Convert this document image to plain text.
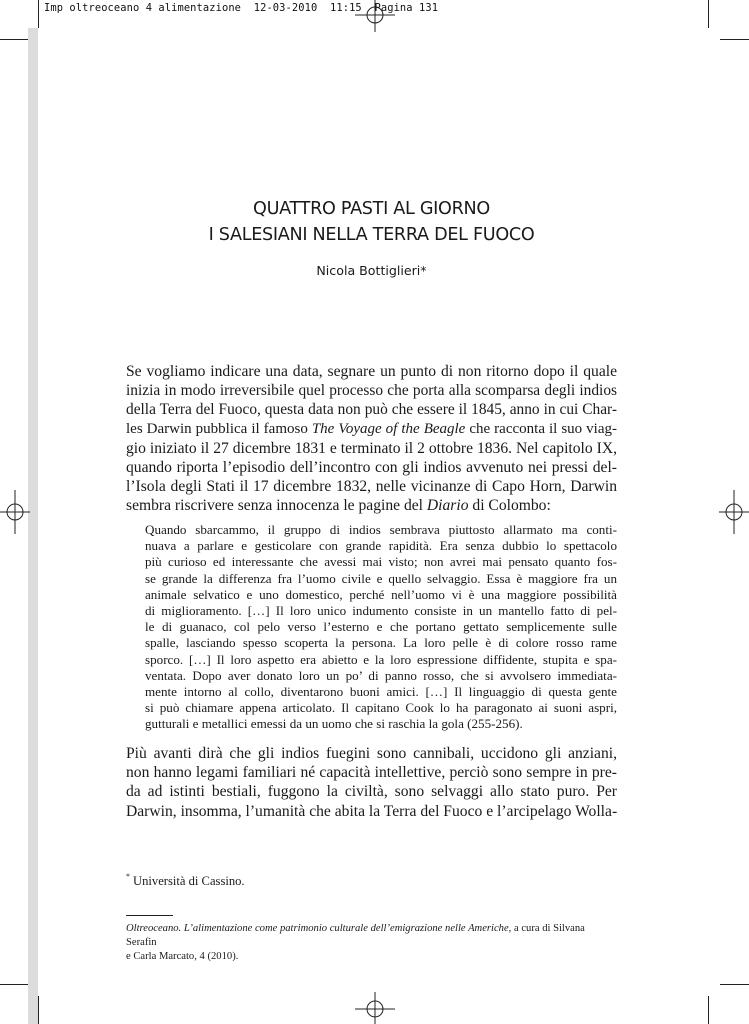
Imp oltreoceano 4 alimentazione  12-03-2010  11:15  Pagina 131
QUATTRO PASTI AL GIORNO
I SALESIANI NELLA TERRA DEL FUOCO
Nicola Bottiglieri*
Se vogliamo indicare una data, segnare un punto di non ritorno dopo il quale
inizia in modo irreversibile quel processo che porta alla scomparsa degli indios
della Terra del Fuoco, questa data non può che essere il 1845, anno in cui Char-
les Darwin pubblica il famoso The Voyage of the Beagle che racconta il suo viag-
gio iniziato il 27 dicembre 1831 e terminato il 2 ottobre 1836. Nel capitolo IX,
quando riporta l’episodio dell’incontro con gli indios avvenuto nei pressi del-
l’Isola degli Stati il 17 dicembre 1832, nelle vicinanze di Capo Horn, Darwin
sembra riscrivere senza innocenza le pagine del Diario di Colombo:
Quando sbarcammo, il gruppo di indios sembrava piuttosto allarmato ma conti-
nuava a parlare e gesticolare con grande rapidità. Era senza dubbio lo spettacolo
più curioso ed interessante che avessi mai visto; non avrei mai pensato quanto fos-
se grande la differenza fra l’uomo civile e quello selvaggio. Essa è maggiore fra un
animale selvatico e uno domestico, perché nell’uomo vi è una maggiore possibilità
di miglioramento. […] Il loro unico indumento consiste in un mantello fatto di pel-
le di guanaco, col pelo verso l’esterno e che portano gettato semplicemente sulle
spalle, lasciando spesso scoperta la persona. La loro pelle è di colore rosso rame
sporco. […] Il loro aspetto era abietto e la loro espressione diffidente, stupita e spa-
ventata. Dopo aver donato loro un po’ di panno rosso, che si avvolsero immediata-
mente intorno al collo, diventarono buoni amici. […] Il linguaggio di questa gente
si può chiamare appena articolato. Il capitano Cook lo ha paragonato ai suoni aspri,
gutturali e metallici emessi da un uomo che si raschia la gola (255-256).
Più avanti dirà che gli indios fuegini sono cannibali, uccidono gli anziani,
non hanno legami familiari né capacità intellettive, perciò sono sempre in pre-
da ad istinti bestiali, fuggono la civiltà, sono selvaggi allo stato puro. Per
Darwin, insomma, l’umanità che abita la Terra del Fuoco e l’arcipelago Wolla-
* Università di Cassino.
Oltreoceano. L’alimentazione come patrimonio culturale dell’emigrazione nelle Americhe, a cura di Silvana Serafin
e Carla Marcato, 4 (2010).
